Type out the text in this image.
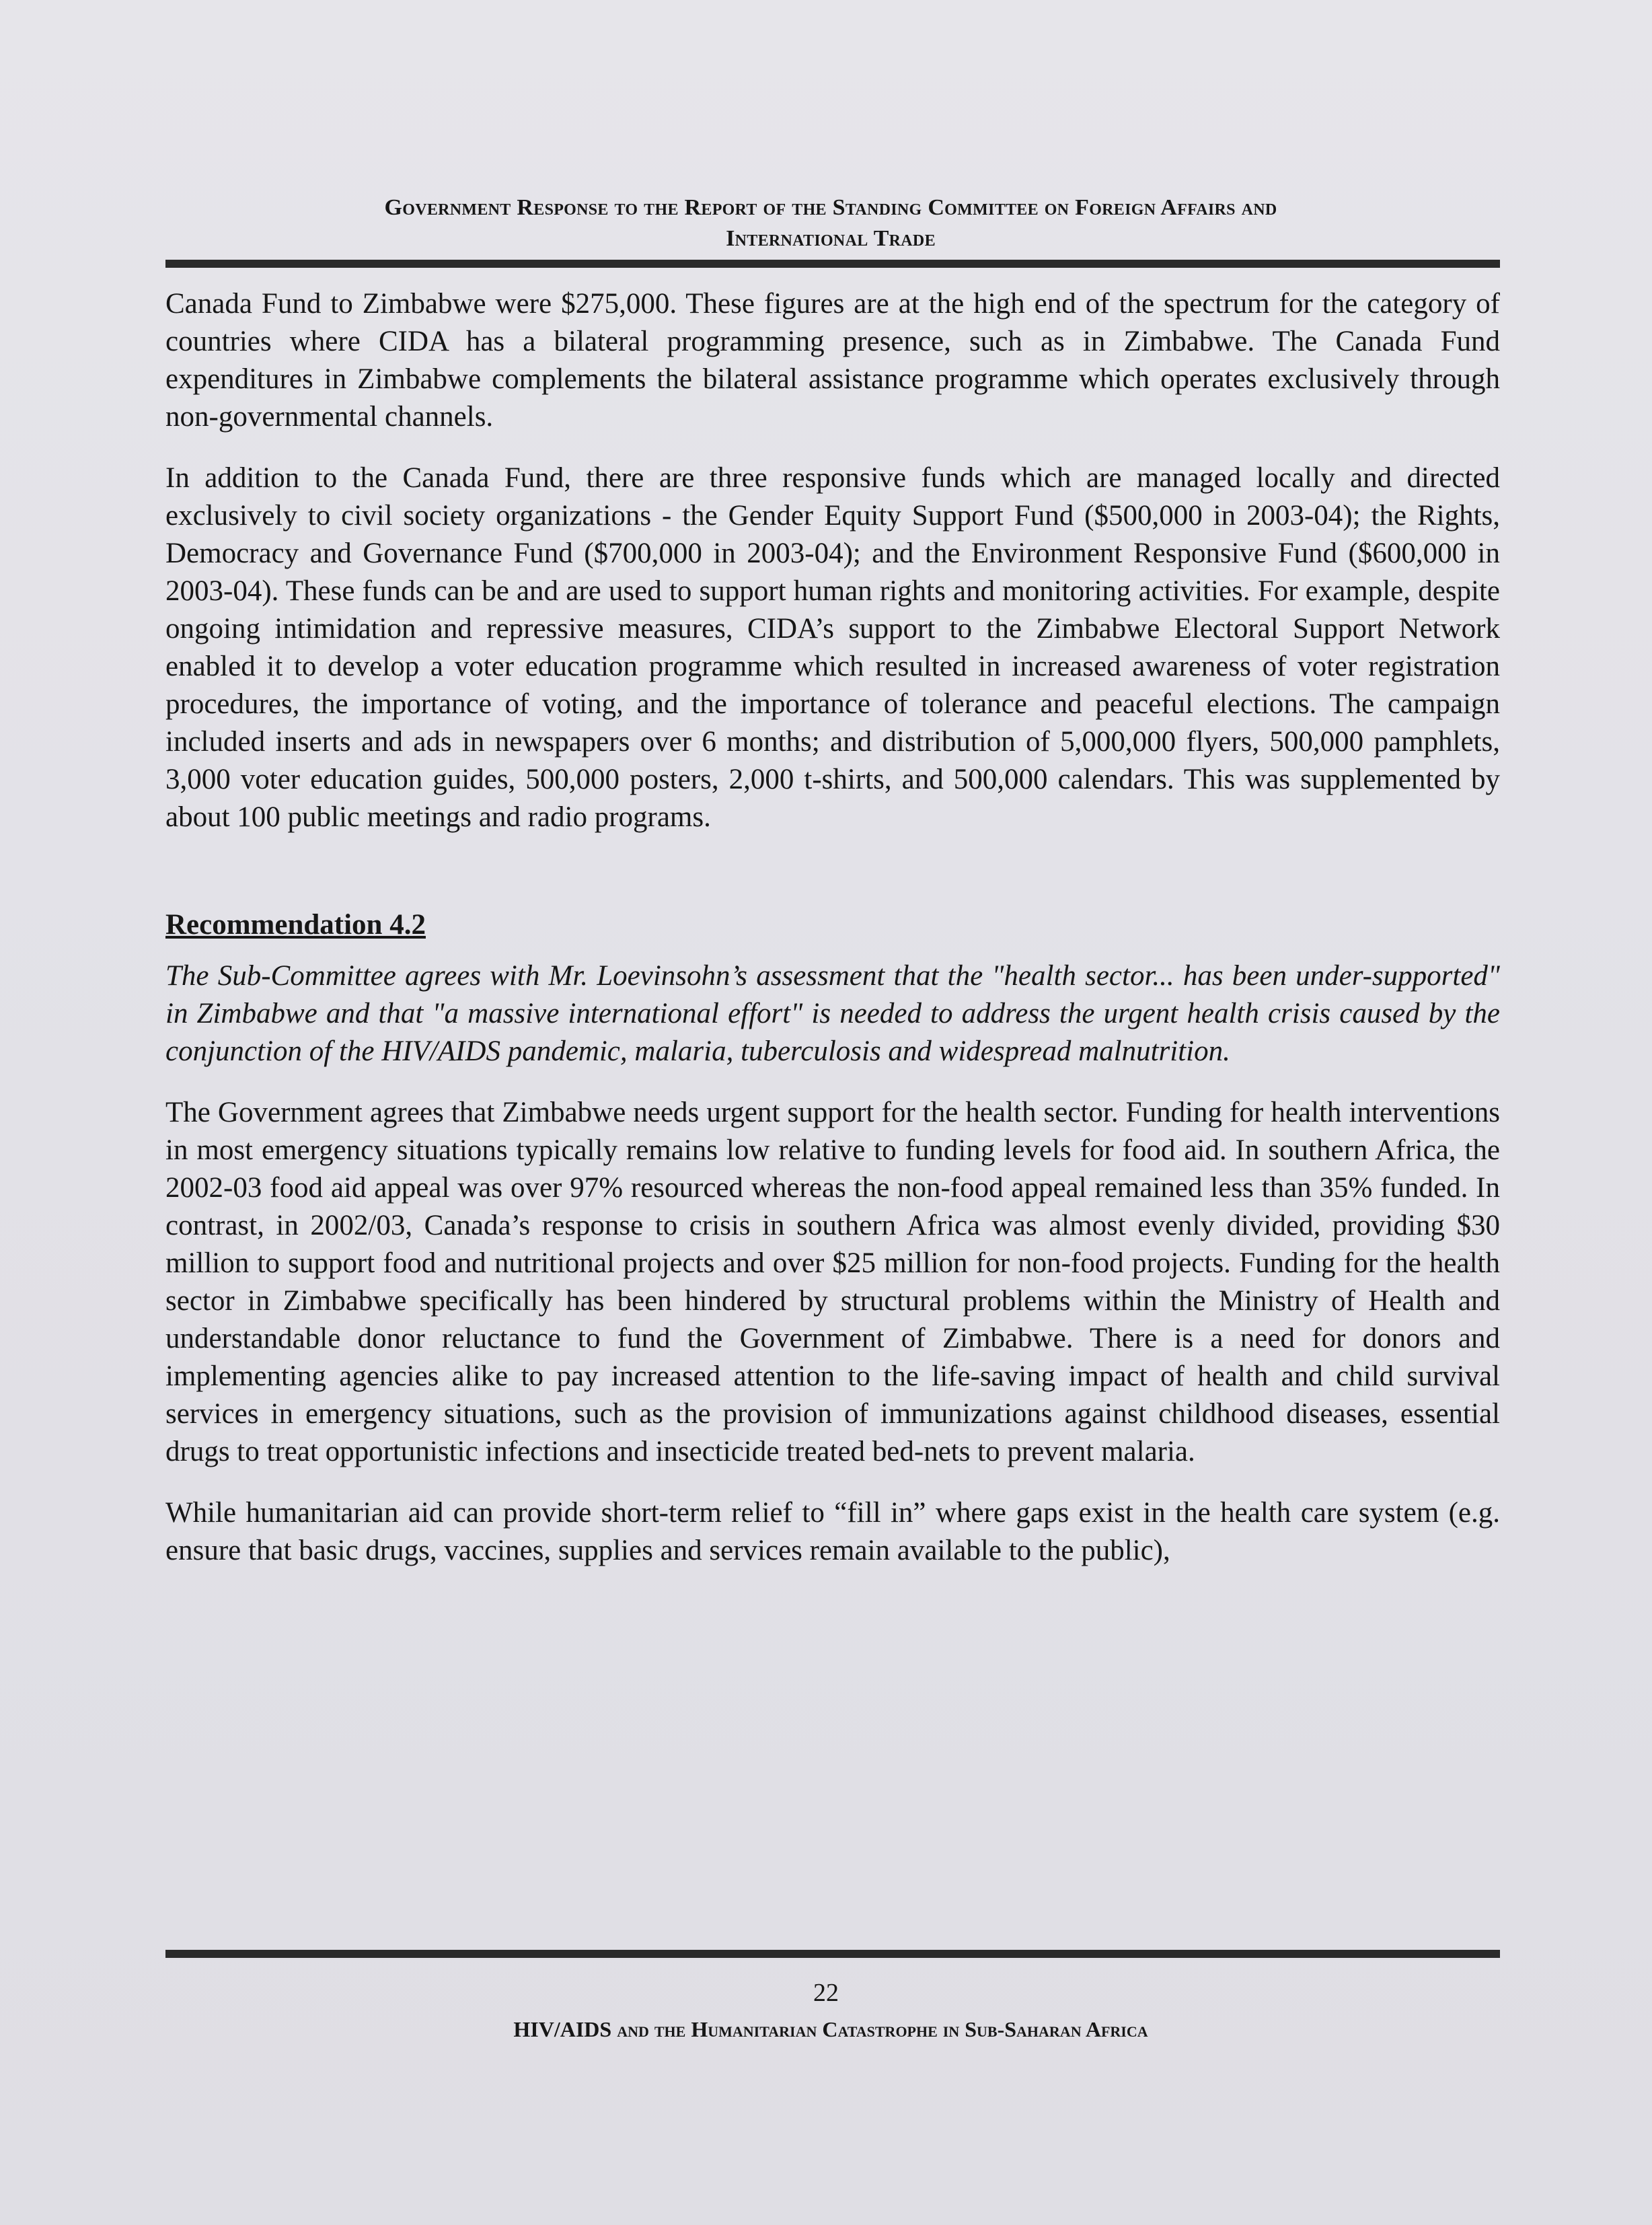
Government Response to the Report of the Standing Committee on Foreign Affairs and
International Trade

Canada Fund to Zimbabwe were $275,000. These figures are at the high end of the spectrum for the category of countries where CIDA has a bilateral programming presence, such as in Zimbabwe. The Canada Fund expenditures in Zimbabwe complements the bilateral assistance programme which operates exclusively through non-governmental channels.

In addition to the Canada Fund, there are three responsive funds which are managed locally and directed exclusively to civil society organizations - the Gender Equity Support Fund ($500,000 in 2003-04); the Rights, Democracy and Governance Fund ($700,000 in 2003-04); and the Environment Responsive Fund ($600,000 in 2003-04). These funds can be and are used to support human rights and monitoring activities. For example, despite ongoing intimidation and repressive measures, CIDA’s support to the Zimbabwe Electoral Support Network enabled it to develop a voter education programme which resulted in increased awareness of voter registration procedures, the importance of voting, and the importance of tolerance and peaceful elections. The campaign included inserts and ads in newspapers over 6 months; and distribution of 5,000,000 flyers, 500,000 pamphlets, 3,000 voter education guides, 500,000 posters, 2,000 t-shirts, and 500,000 calendars. This was supplemented by about 100 public meetings and radio programs.

Recommendation 4.2

The Sub-Committee agrees with Mr. Loevinsohn’s assessment that the "health sector... has been under-supported" in Zimbabwe and that "a massive international effort" is needed to address the urgent health crisis caused by the conjunction of the HIV/AIDS pandemic, malaria, tuberculosis and widespread malnutrition.

The Government agrees that Zimbabwe needs urgent support for the health sector. Funding for health interventions in most emergency situations typically remains low relative to funding levels for food aid. In southern Africa, the 2002-03 food aid appeal was over 97% resourced whereas the non-food appeal remained less than 35% funded. In contrast, in 2002/03, Canada’s response to crisis in southern Africa was almost evenly divided, providing $30 million to support food and nutritional projects and over $25 million for non-food projects. Funding for the health sector in Zimbabwe specifically has been hindered by structural problems within the Ministry of Health and understandable donor reluctance to fund the Government of Zimbabwe. There is a need for donors and implementing agencies alike to pay increased attention to the life-saving impact of health and child survival services in emergency situations, such as the provision of immunizations against childhood diseases, essential drugs to treat opportunistic infections and insecticide treated bed-nets to prevent malaria.

While humanitarian aid can provide short-term relief to “fill in” where gaps exist in the health care system (e.g. ensure that basic drugs, vaccines, supplies and services remain available to the public),

22
HIV/AIDS and the Humanitarian Catastrophe in Sub-Saharan Africa
